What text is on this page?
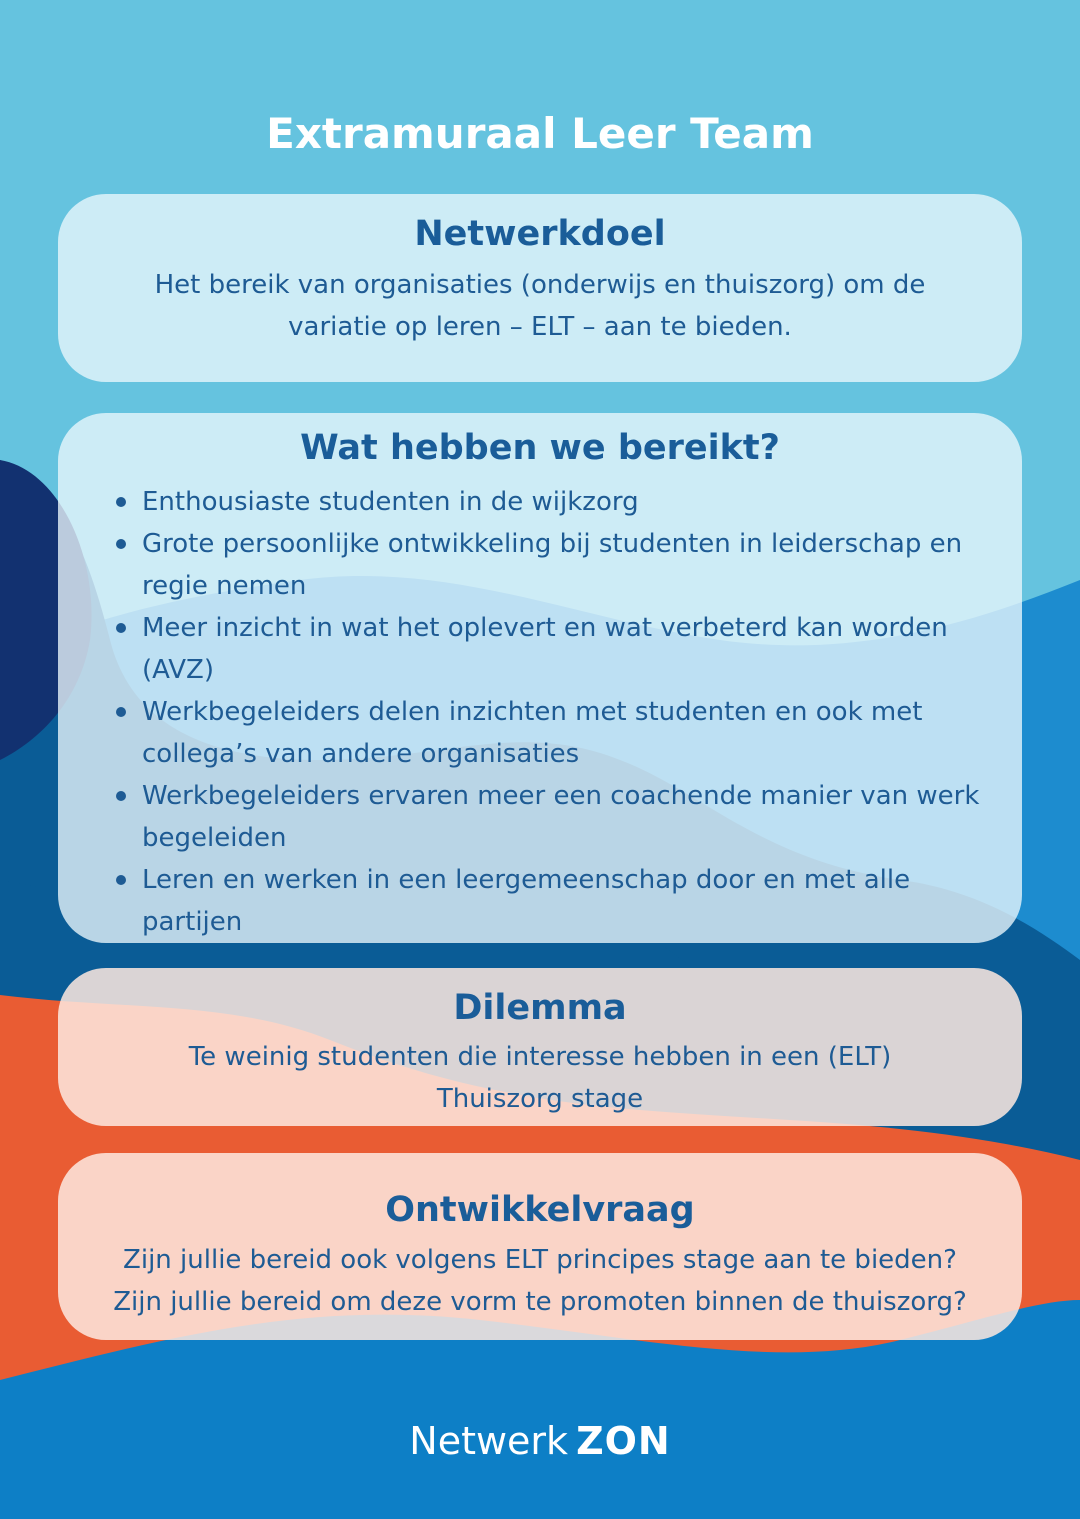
Extramuraal Leer Team
Netwerkdoel

Het bereik van organisaties (onderwijs en thuiszorg) om de

variatie op leren – ELT – aan te bieden.

Wat hebben we bereikt?
Enthousiaste studenten in de wijkzorg
Grote persoonlijke ontwikkeling bij studenten in leiderschap en regie nemen
Meer inzicht in wat het oplevert en wat verbeterd kan worden (AVZ)
Werkbegeleiders delen inzichten met studenten en ook met collega’s van andere organisaties
Werkbegeleiders ervaren meer een coachende manier van werk begeleiden
Leren en werken in een leergemeenschap door en met alle partijen
Dilemma

Te weinig studenten die interesse hebben in een (ELT)

Thuiszorg stage

Ontwikkelvraag

Zijn jullie bereid ook volgens ELT principes stage aan te bieden?

Zijn jullie bereid om deze vorm te promoten binnen de thuiszorg?

Netwerk ZON
